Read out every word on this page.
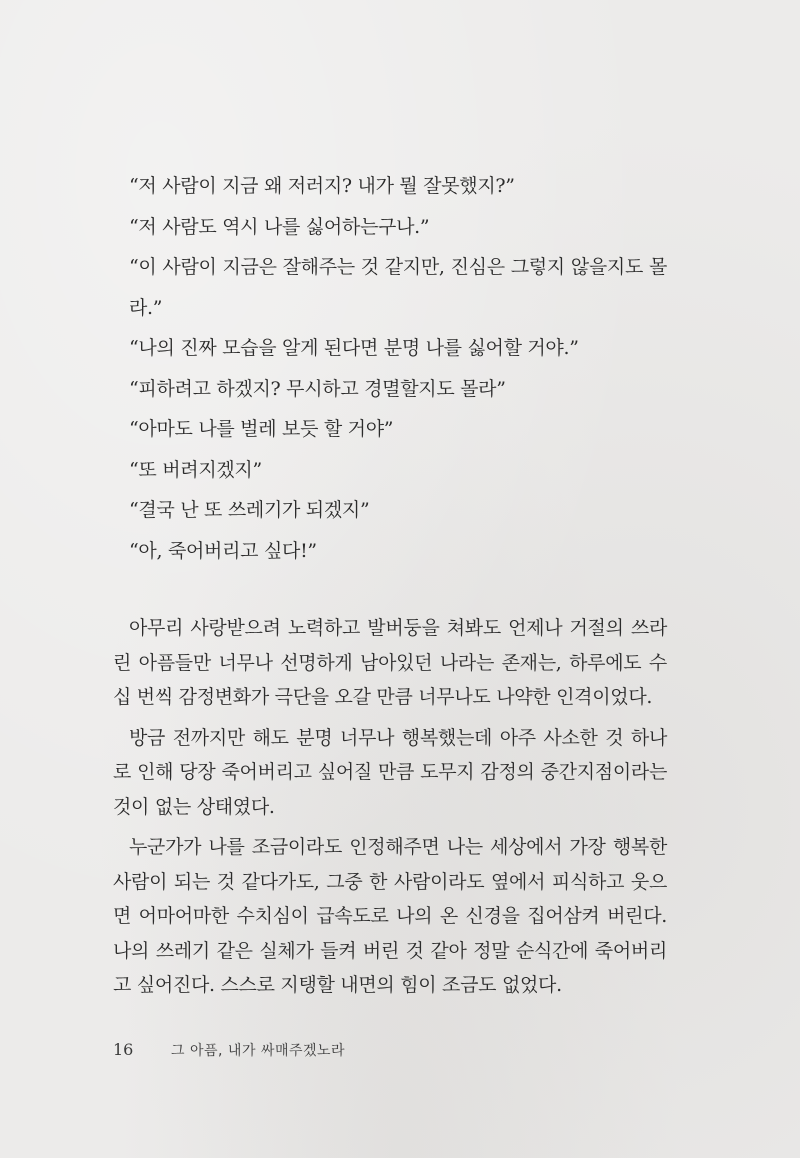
“저 사람이 지금 왜 저러지? 내가 뭘 잘못했지?”
“저 사람도 역시 나를 싫어하는구나.”
“이 사람이 지금은 잘해주는 것 같지만, 진심은 그렇지 않을지도 몰라.”
“나의 진짜 모습을 알게 된다면 분명 나를 싫어할 거야.”
“피하려고 하겠지? 무시하고 경멸할지도 몰라”
“아마도 나를 벌레 보듯 할 거야”
“또 버려지겠지”
“결국 난 또 쓰레기가 되겠지”
“아, 죽어버리고 싶다!”

아무리 사랑받으려 노력하고 발버둥을 쳐봐도 언제나 거절의 쓰라린 아픔들만 너무나 선명하게 남아있던 나라는 존재는, 하루에도 수십 번씩 감정변화가 극단을 오갈 만큼 너무나도 나약한 인격이었다.

방금 전까지만 해도 분명 너무나 행복했는데 아주 사소한 것 하나로 인해 당장 죽어버리고 싶어질 만큼 도무지 감정의 중간지점이라는 것이 없는 상태였다.

누군가가 나를 조금이라도 인정해주면 나는 세상에서 가장 행복한 사람이 되는 것 같다가도, 그중 한 사람이라도 옆에서 피식하고 웃으면 어마어마한 수치심이 급속도로 나의 온 신경을 집어삼켜 버린다. 나의 쓰레기 같은 실체가 들켜 버린 것 같아 정말 순식간에 죽어버리고 싶어진다. 스스로 지탱할 내면의 힘이 조금도 없었다.

16	그 아픔, 내가 싸매주겠노라
